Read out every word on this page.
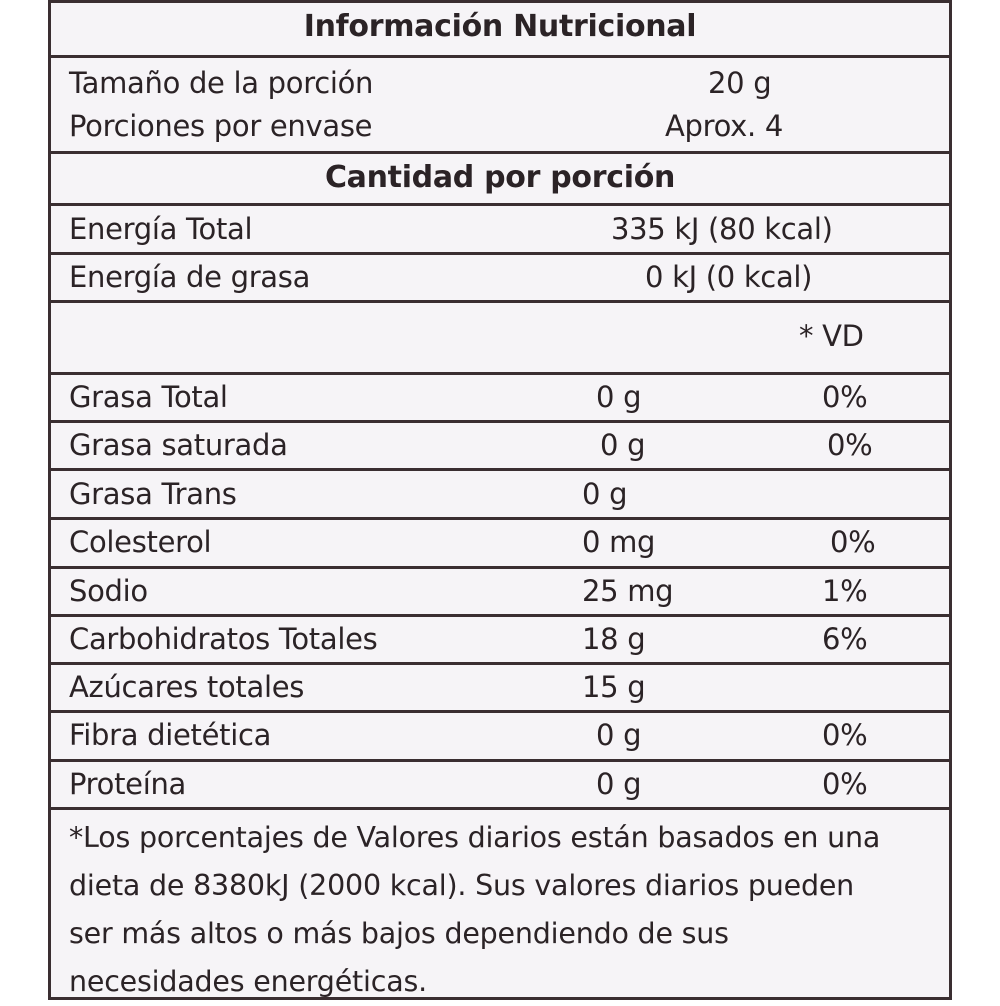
Información Nutricional
Tamaño de la porción	20 g
Porciones por envase	Aprox. 4
Cantidad por porción
Energía Total	335 kJ (80 kcal)
Energía de grasa	0 kJ (0 kcal)
* VD
Grasa Total	0 g	0%
Grasa saturada	0 g	0%
Grasa Trans	0 g
Colesterol	0 mg	0%
Sodio	25 mg	1%
Carbohidratos Totales	18 g	6%
Azúcares totales	15 g
Fibra dietética	0 g	0%
Proteína	0 g	0%
*Los porcentajes de Valores diarios están basados en una
dieta de 8380kJ (2000 kcal). Sus valores diarios pueden
ser más altos o más bajos dependiendo de sus
necesidades energéticas.
